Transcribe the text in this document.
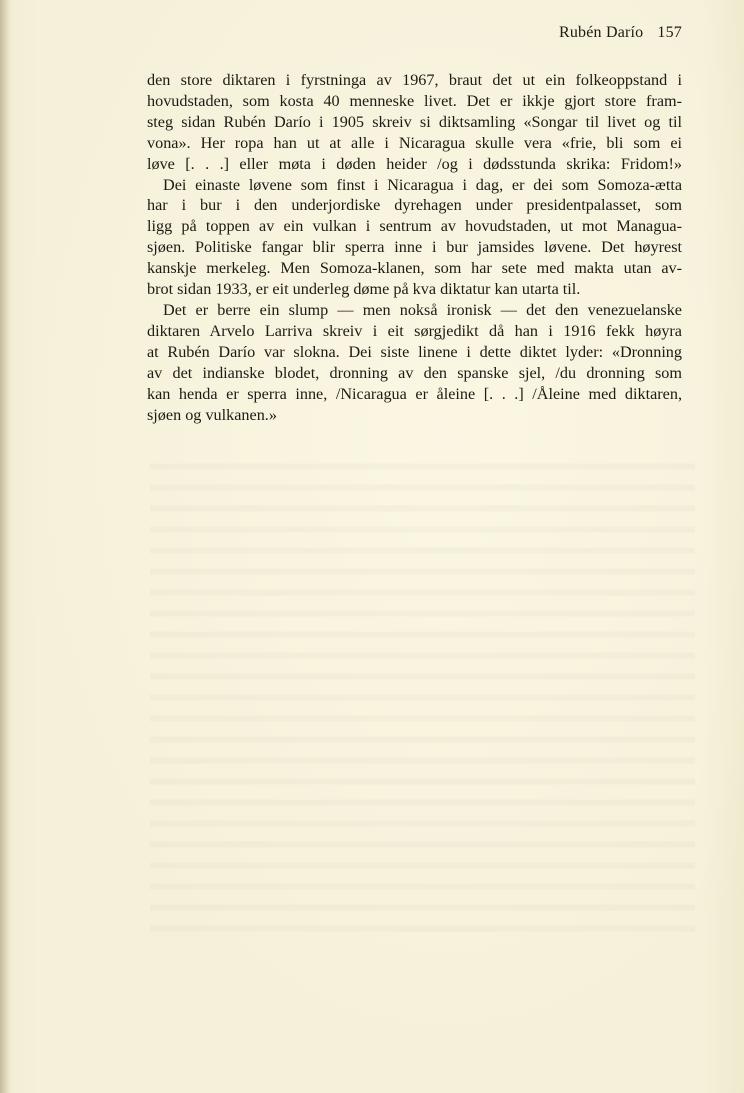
Rubén Darío 157

den store diktaren i fyrstninga av 1967, braut det ut ein folkeoppstand i
hovudstaden, som kosta 40 menneske livet. Det er ikkje gjort store fram-
steg sidan Rubén Darío i 1905 skreiv si diktsamling «Songar til livet og til
vona». Her ropa han ut at alle i Nicaragua skulle vera «frie, bli som ei
løve [. . .] eller møta i døden heider /og i dødsstunda skrika: Fridom!»

Dei einaste løvene som finst i Nicaragua i dag, er dei som Somoza-ætta
har i bur i den underjordiske dyrehagen under presidentpalasset, som
ligg på toppen av ein vulkan i sentrum av hovudstaden, ut mot Managua-
sjøen. Politiske fangar blir sperra inne i bur jamsides løvene. Det høyrest
kanskje merkeleg. Men Somoza-klanen, som har sete med makta utan av-
brot sidan 1933, er eit underleg døme på kva diktatur kan utarta til.

Det er berre ein slump — men nokså ironisk — det den venezuelanske
diktaren Arvelo Larriva skreiv i eit sørgjedikt då han i 1916 fekk høyra
at Rubén Darío var slokna. Dei siste linene i dette diktet lyder: «Dronning
av det indianske blodet, dronning av den spanske sjel, /du dronning som
kan henda er sperra inne, /Nicaragua er åleine [. . .] /Åleine med diktaren,
sjøen og vulkanen.»
